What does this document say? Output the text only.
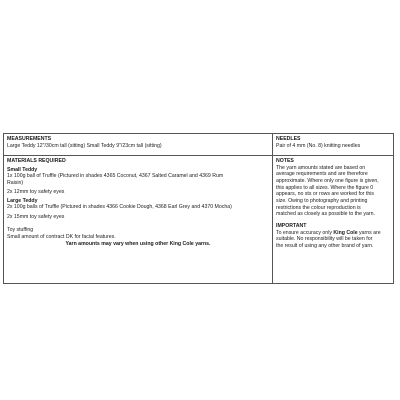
MEASUREMENTS

Large Teddy 12"/30cm tall (sitting) Small Teddy 9"/23cm tall (sitting)

NEEDLES

Pair of 4 mm (No. 8) knitting needles

MATERIALS REQUIRED

Small Teddy

1x 100g ball of Truffle (Pictured in shades 4365 Coconut, 4367 Salted Caramel and 4369 Rum

Raisin)

2x 12mm toy safety eyes

Large Teddy

2x 100g balls of Truffle (Pictured in shades 4366 Cookie Dough, 4368 Earl Grey and 4370 Mocha)

2x 15mm toy safety eyes

Toy stuffing

Small amount of contract DK for facial features.

Yarn amounts may vary when using other King Cole yarns.

NOTES

The yarn amounts stated are based on

average requirements and are therefore

approximate. Where only one figure is given,

this applies to all sizes. Where the figure 0

appears, no sts or rows are worked for this

size. Owing to photography and printing

restrictions the colour reproduction is

matched as closely as possible to the yarn.

IMPORTANT

To ensure accuracy only King Cole yarns are

suitable. No responsibility will be taken for

the result of using any other brand of yarn.
